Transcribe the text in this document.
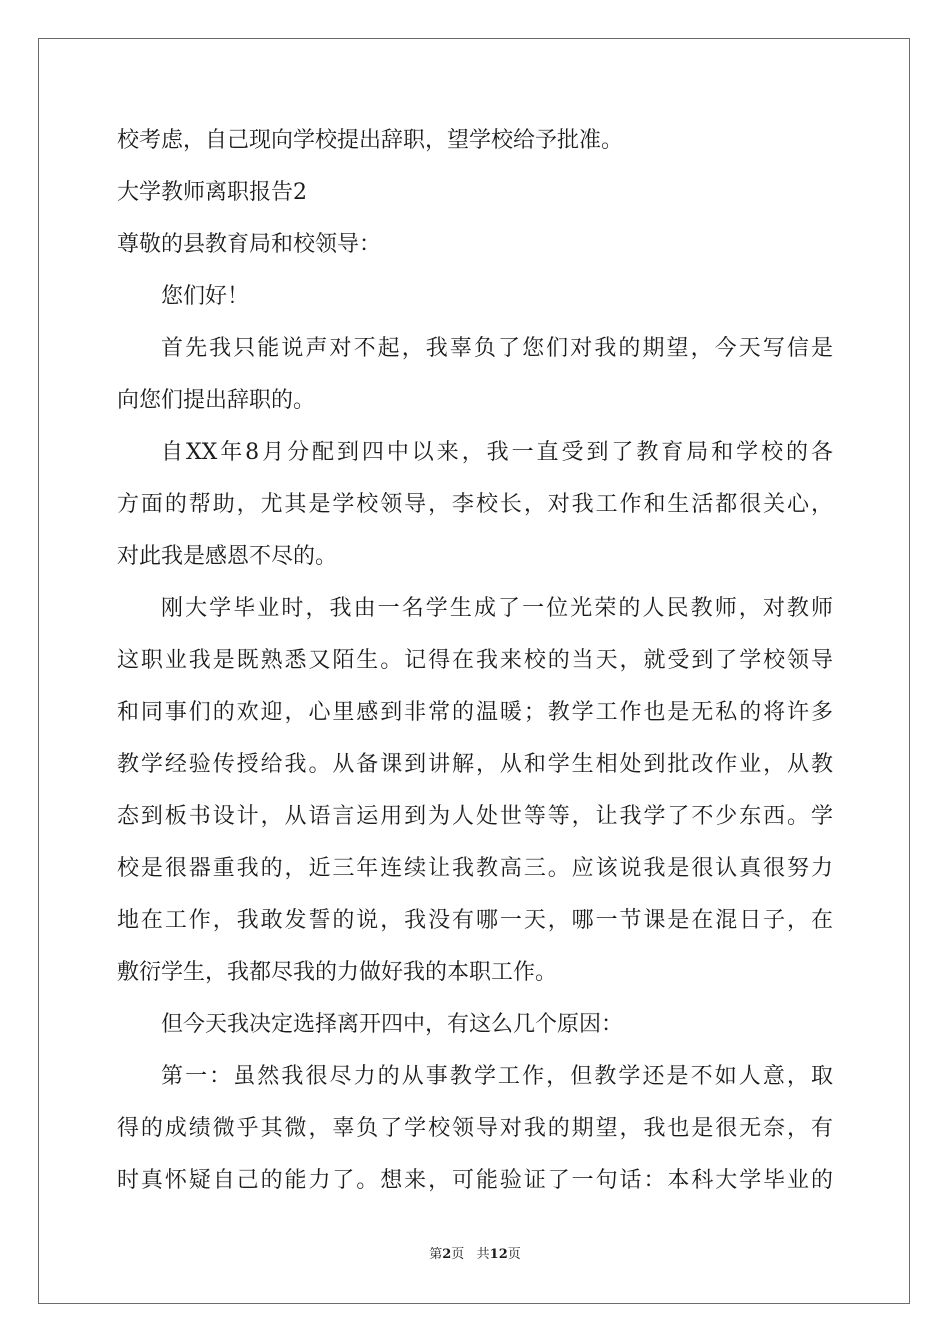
校考虑，自己现向学校提出辞职，望学校给予批准。
大学教师离职报告2
尊敬的县教育局和校领导：
您们好！
首先我只能说声对不起，我辜负了您们对我的期望，今天写信是
向您们提出辞职的。
自XX年8月分配到四中以来，我一直受到了教育局和学校的各
方面的帮助，尤其是学校领导，李校长，对我工作和生活都很关心，
对此我是感恩不尽的。
刚大学毕业时，我由一名学生成了一位光荣的人民教师，对教师
这职业我是既熟悉又陌生。记得在我来校的当天，就受到了学校领导
和同事们的欢迎，心里感到非常的温暖；教学工作也是无私的将许多
教学经验传授给我。从备课到讲解，从和学生相处到批改作业，从教
态到板书设计，从语言运用到为人处世等等，让我学了不少东西。学
校是很器重我的，近三年连续让我教高三。应该说我是很认真很努力
地在工作，我敢发誓的说，我没有哪一天，哪一节课是在混日子，在
敷衍学生，我都尽我的力做好我的本职工作。
但今天我决定选择离开四中，有这么几个原因：
第一：虽然我很尽力的从事教学工作，但教学还是不如人意，取
得的成绩微乎其微，辜负了学校领导对我的期望，我也是很无奈，有
时真怀疑自己的能力了。想来，可能验证了一句话：本科大学毕业的
第2页   共12页
